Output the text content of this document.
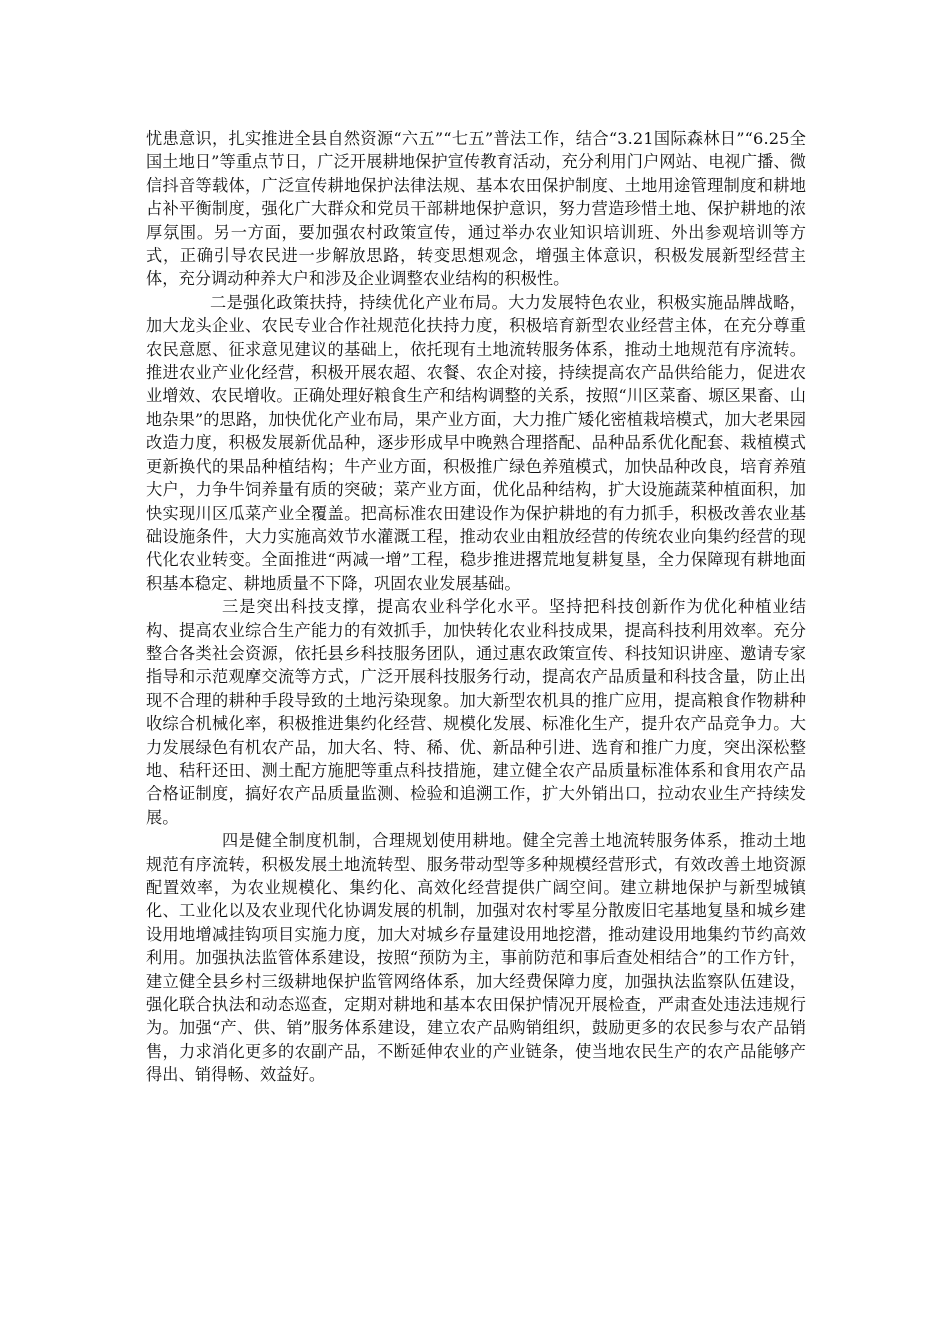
忧患意识，扎实推进全县自然资源“六五”“七五”普法工作，结合“3.21国际森林日”“6.25全国土地日”等重点节日，广泛开展耕地保护宣传教育活动，充分利用门户网站、电视广播、微信抖音等载体，广泛宣传耕地保护法律法规、基本农田保护制度、土地用途管理制度和耕地占补平衡制度，强化广大群众和党员干部耕地保护意识，努力营造珍惜土地、保护耕地的浓厚氛围。另一方面，要加强农村政策宣传，通过举办农业知识培训班、外出参观培训等方式，正确引导农民进一步解放思路，转变思想观念，增强主体意识，积极发展新型经营主体，充分调动种养大户和涉及企业调整农业结构的积极性。

二是强化政策扶持，持续优化产业布局。大力发展特色农业，积极实施品牌战略，加大龙头企业、农民专业合作社规范化扶持力度，积极培育新型农业经营主体，在充分尊重农民意愿、征求意见建议的基础上，依托现有土地流转服务体系，推动土地规范有序流转。推进农业产业化经营，积极开展农超、农餐、农企对接，持续提高农产品供给能力，促进农业增效、农民增收。正确处理好粮食生产和结构调整的关系，按照“川区菜畜、塬区果畜、山地杂果”的思路，加快优化产业布局，果产业方面，大力推广矮化密植栽培模式，加大老果园改造力度，积极发展新优品种，逐步形成早中晚熟合理搭配、品种品系优化配套、栽植模式更新换代的果品种植结构；牛产业方面，积极推广绿色养殖模式，加快品种改良，培育养殖大户，力争牛饲养量有质的突破；菜产业方面，优化品种结构，扩大设施蔬菜种植面积，加快实现川区瓜菜产业全覆盖。把高标准农田建设作为保护耕地的有力抓手，积极改善农业基础设施条件，大力实施高效节水灌溉工程，推动农业由粗放经营的传统农业向集约经营的现代化农业转变。全面推进“两减一增”工程，稳步推进撂荒地复耕复垦，全力保障现有耕地面积基本稳定、耕地质量不下降，巩固农业发展基础。

三是突出科技支撑，提高农业科学化水平。坚持把科技创新作为优化种植业结构、提高农业综合生产能力的有效抓手，加快转化农业科技成果，提高科技利用效率。充分整合各类社会资源，依托县乡科技服务团队，通过惠农政策宣传、科技知识讲座、邀请专家指导和示范观摩交流等方式，广泛开展科技服务行动，提高农产品质量和科技含量，防止出现不合理的耕种手段导致的土地污染现象。加大新型农机具的推广应用，提高粮食作物耕种收综合机械化率，积极推进集约化经营、规模化发展、标准化生产，提升农产品竞争力。大力发展绿色有机农产品，加大名、特、稀、优、新品种引进、选育和推广力度，突出深松整地、秸秆还田、测土配方施肥等重点科技措施，建立健全农产品质量标准体系和食用农产品合格证制度，搞好农产品质量监测、检验和追溯工作，扩大外销出口，拉动农业生产持续发展。

四是健全制度机制，合理规划使用耕地。健全完善土地流转服务体系，推动土地规范有序流转，积极发展土地流转型、服务带动型等多种规模经营形式，有效改善土地资源配置效率，为农业规模化、集约化、高效化经营提供广阔空间。建立耕地保护与新型城镇化、工业化以及农业现代化协调发展的机制，加强对农村零星分散废旧宅基地复垦和城乡建设用地增减挂钩项目实施力度，加大对城乡存量建设用地挖潜，推动建设用地集约节约高效利用。加强执法监管体系建设，按照“预防为主，事前防范和事后查处相结合”的工作方针，建立健全县乡村三级耕地保护监管网络体系，加大经费保障力度，加强执法监察队伍建设，强化联合执法和动态巡查，定期对耕地和基本农田保护情况开展检查，严肃查处违法违规行为。加强“产、供、销”服务体系建设，建立农产品购销组织，鼓励更多的农民参与农产品销售，力求消化更多的农副产品，不断延伸农业的产业链条，使当地农民生产的农产品能够产得出、销得畅、效益好。
